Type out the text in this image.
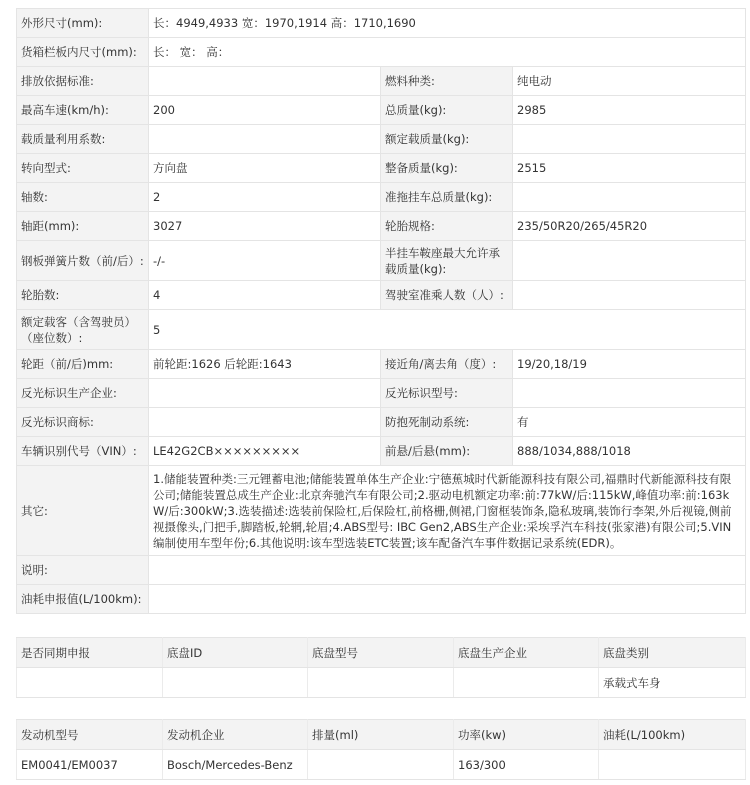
外形尺寸(mm):	长：4949,4933 宽：1970,1914 高：1710,1690		
货箱栏板内尺寸(mm):	长： 宽： 高：		
排放依据标准:		燃料种类:	纯电动
最高车速(km/h):	200	总质量(kg):	2985
载质量利用系数:		额定载质量(kg):	
转向型式:	方向盘	整备质量(kg):	2515
轴数:	2	准拖挂车总质量(kg):	
轴距(mm):	3027	轮胎规格:	235/50R20/265/45R20
钢板弹簧片数（前/后）:	-/-	半挂车鞍座最大允许承载质量(kg):	
轮胎数:	4	驾驶室准乘人数（人）:	
额定载客（含驾驶员）（座位数）:	5		
轮距（前/后)mm:	前轮距:1626 后轮距:1643	接近角/离去角（度）:	19/20,18/19
反光标识生产企业:		反光标识型号:	
反光标识商标:		防抱死制动系统:	有
车辆识别代号（VIN）:	LE42G2CB×××××××××	前悬/后悬(mm):	888/1034,888/1018
其它:	1.储能装置种类:三元锂蓄电池;储能装置单体生产企业:宁德蕉城时代新能源科技有限公司,福鼎时代新能源科技有限公司;储能装置总成生产企业:北京奔驰汽车有限公司;2.驱动电机额定功率:前:77kW/后:115kW,峰值功率:前:163kW/后:300kW;3.选装描述:选装前保险杠,后保险杠,前格栅,侧裙,门窗框装饰条,隐私玻璃,装饰行李架,外后视镜,侧前视摄像头,门把手,脚踏板,轮辋,轮眉;4.ABS型号: IBC Gen2,ABS生产企业:采埃孚汽车科技(张家港)有限公司;5.VIN编制使用车型年份;6.其他说明:该车型选装ETC装置;该车配备汽车事件数据记录系统(EDR)。		
说明:			
油耗申报值(L/100km):			
是否同期申报	底盘ID	底盘型号	底盘生产企业	底盘类别
				承载式车身
发动机型号	发动机企业	排量(ml)	功率(kw)	油耗(L/100km)
EM0041/EM0037	Bosch/Mercedes-Benz		163/300	
